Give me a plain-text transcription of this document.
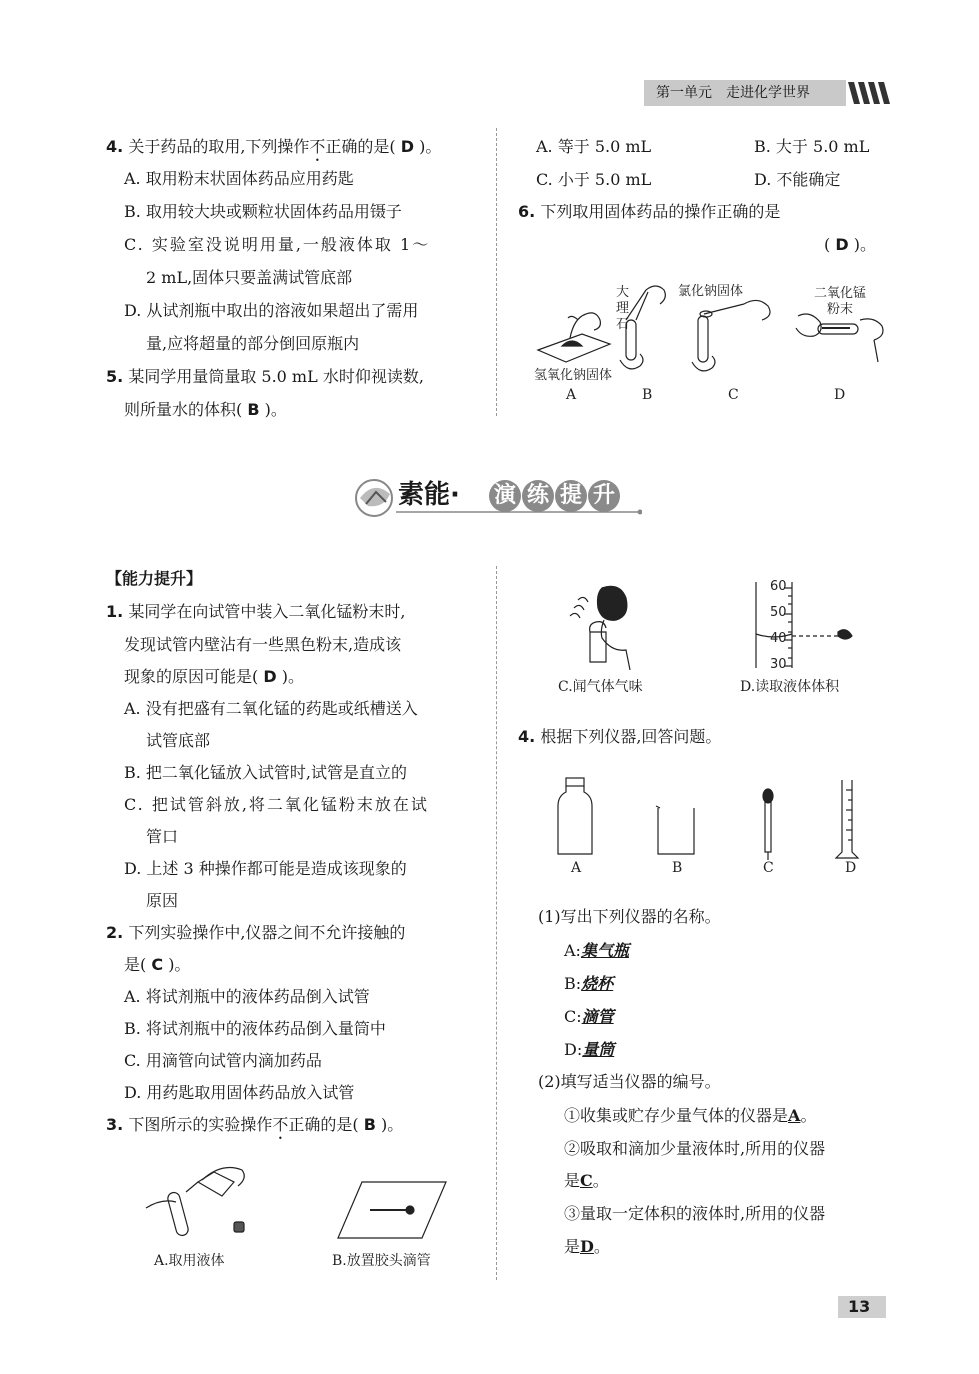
第一单元　走进化学世界
4. 关于药品的取用,下列操作不正确的是( D )。
A. 取用粉末状固体药品应用药匙
B. 取用较大块或颗粒状固体药品用镊子
C. 实验室没说明用量,一般液体取 1～
2 mL,固体只要盖满试管底部
D. 从试剂瓶中取出的溶液如果超出了需用
量,应将超量的部分倒回原瓶内
5. 某同学用量筒量取 5.0 mL 水时仰视读数,
则所量水的体积( B )。
A. 等于 5.0 mL	B. 大于 5.0 mL
C. 小于 5.0 mL	D. 不能确定
6. 下列取用固体药品的操作正确的是
( D )。
大
理
石
氯化钠固体	二氧化锰
粉末
氢氧化钠固体
A	B	C	D
素能· 演 练 提 升
【能力提升】
1. 某同学在向试管中装入二氧化锰粉末时,
发现试管内壁沾有一些黑色粉末,造成该
现象的原因可能是( D )。
A. 没有把盛有二氧化锰的药匙或纸槽送入
试管底部
B. 把二氧化锰放入试管时,试管是直立的
C. 把试管斜放,将二氧化锰粉末放在试
管口
D. 上述 3 种操作都可能是造成该现象的
原因
2. 下列实验操作中,仪器之间不允许接触的
是( C )。
A. 将试剂瓶中的液体药品倒入试管
B. 将试剂瓶中的液体药品倒入量筒中
C. 用滴管向试管内滴加药品
D. 用药匙取用固体药品放入试管
3. 下图所示的实验操作不正确的是( B )。
A.取用液体	B.放置胶头滴管
C.闻气体气味
60
50
40
30
D.读取液体体积
4. 根据下列仪器,回答问题。
A	B	C	D
(1)写出下列仪器的名称。
A:集气瓶
B:烧杯
C:滴管
D:量筒
(2)填写适当仪器的编号。
①收集或贮存少量气体的仪器是A。
②吸取和滴加少量液体时,所用的仪器
是C。
③量取一定体积的液体时,所用的仪器
是D。
13
